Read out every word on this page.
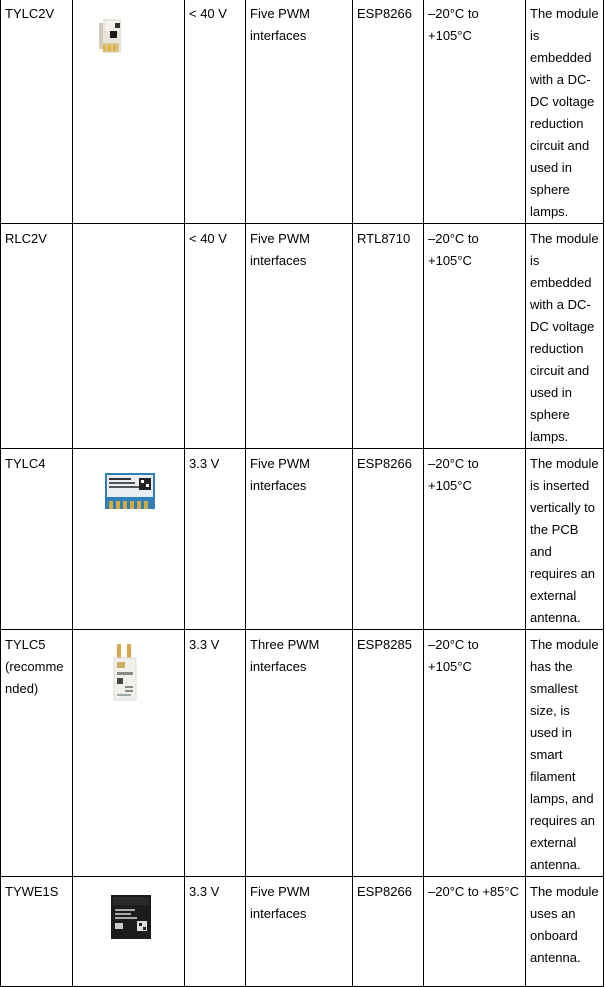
TYLC2V		< 40 V	Five PWM interfaces	ESP8266	–20°C to +105°C	The module is embedded with a DC-DC voltage reduction circuit and used in sphere lamps.
RLC2V		< 40 V	Five PWM interfaces	RTL8710	–20°C to +105°C	The module is embedded with a DC-DC voltage reduction circuit and used in sphere lamps.
TYLC4		3.3 V	Five PWM interfaces	ESP8266	–20°C to +105°C	The module is inserted vertically to the PCB and requires an external antenna.
TYLC5 (recommended)		3.3 V	Three PWM interfaces	ESP8285	–20°C to +105°C	The module has the smallest size, is used in smart filament lamps, and requires an external antenna.
TYWE1S		3.3 V	Five PWM interfaces	ESP8266	–20°C to +85°C	The module uses an onboard antenna.
